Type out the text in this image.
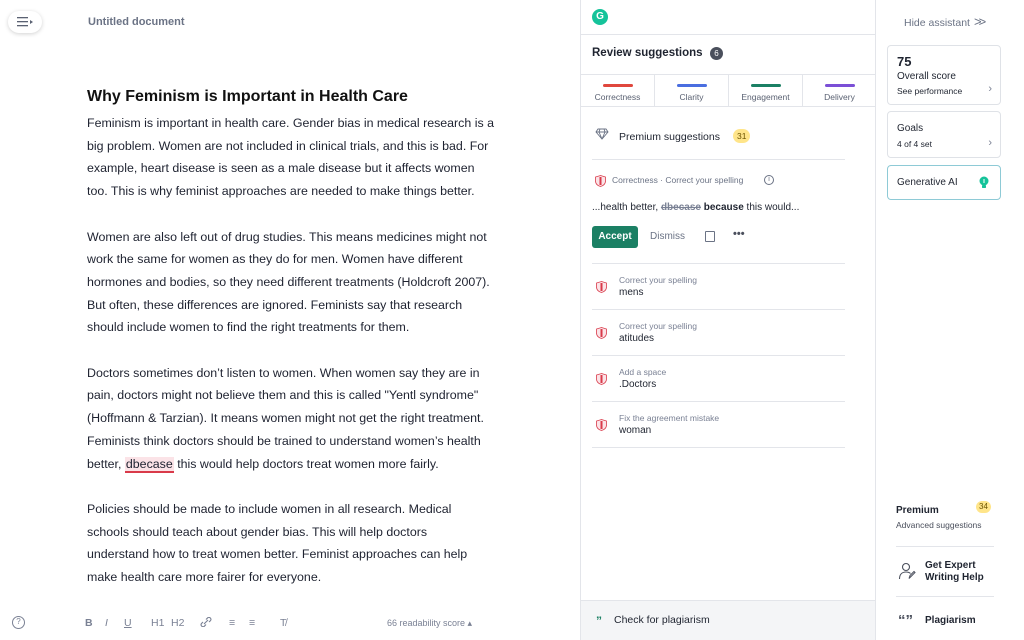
Untitled document
Why Feminism is Important in Health Care
Feminism is important in health care. Gender bias in medical research is a
big problem. Women are not included in clinical trials, and this is bad. For
example, heart disease is seen as a male disease but it affects women
too. This is why feminist approaches are needed to make things better.
Women are also left out of drug studies. This means medicines might not
work the same for women as they do for men. Women have different
hormones and bodies, so they need different treatments (Holdcroft 2007).
But often, these differences are ignored. Feminists say that research
should include women to find the right treatments for them.
Doctors sometimes don’t listen to women. When women say they are in
pain, doctors might not believe them and this is called "Yentl syndrome"
(Hoffmann & Tarzian). It means women might not get the right treatment.
Feminists think doctors should be trained to understand women’s health
better, dbecase this would help doctors treat women more fairly.
Policies should be made to include women in all research. Medical
schools should teach about gender bias. This will help doctors
understand how to treat women better. Feminist approaches can help
make health care more fairer for everyone.
?	B I U H1 H2	≡ ≡ T̸	66 readability score ▴
G
Review suggestions	6
Correctness	Clarity	Engagement	Delivery
Premium suggestions	31
Correctness · Correct your spelling	i
...health better, dbecase because this would...
Accept	Dismiss	•••
Correct your spelling
mens
Correct your spelling
atitudes
Add a space
.Doctors
Fix the agreement mistake
woman
” Check for plagiarism
Hide assistant >>
75
Overall score
See performance ›
Goals
4 of 4 set	›
Generative AI
Premium	34
Advanced suggestions
Get Expert Writing Help
“” Plagiarism
